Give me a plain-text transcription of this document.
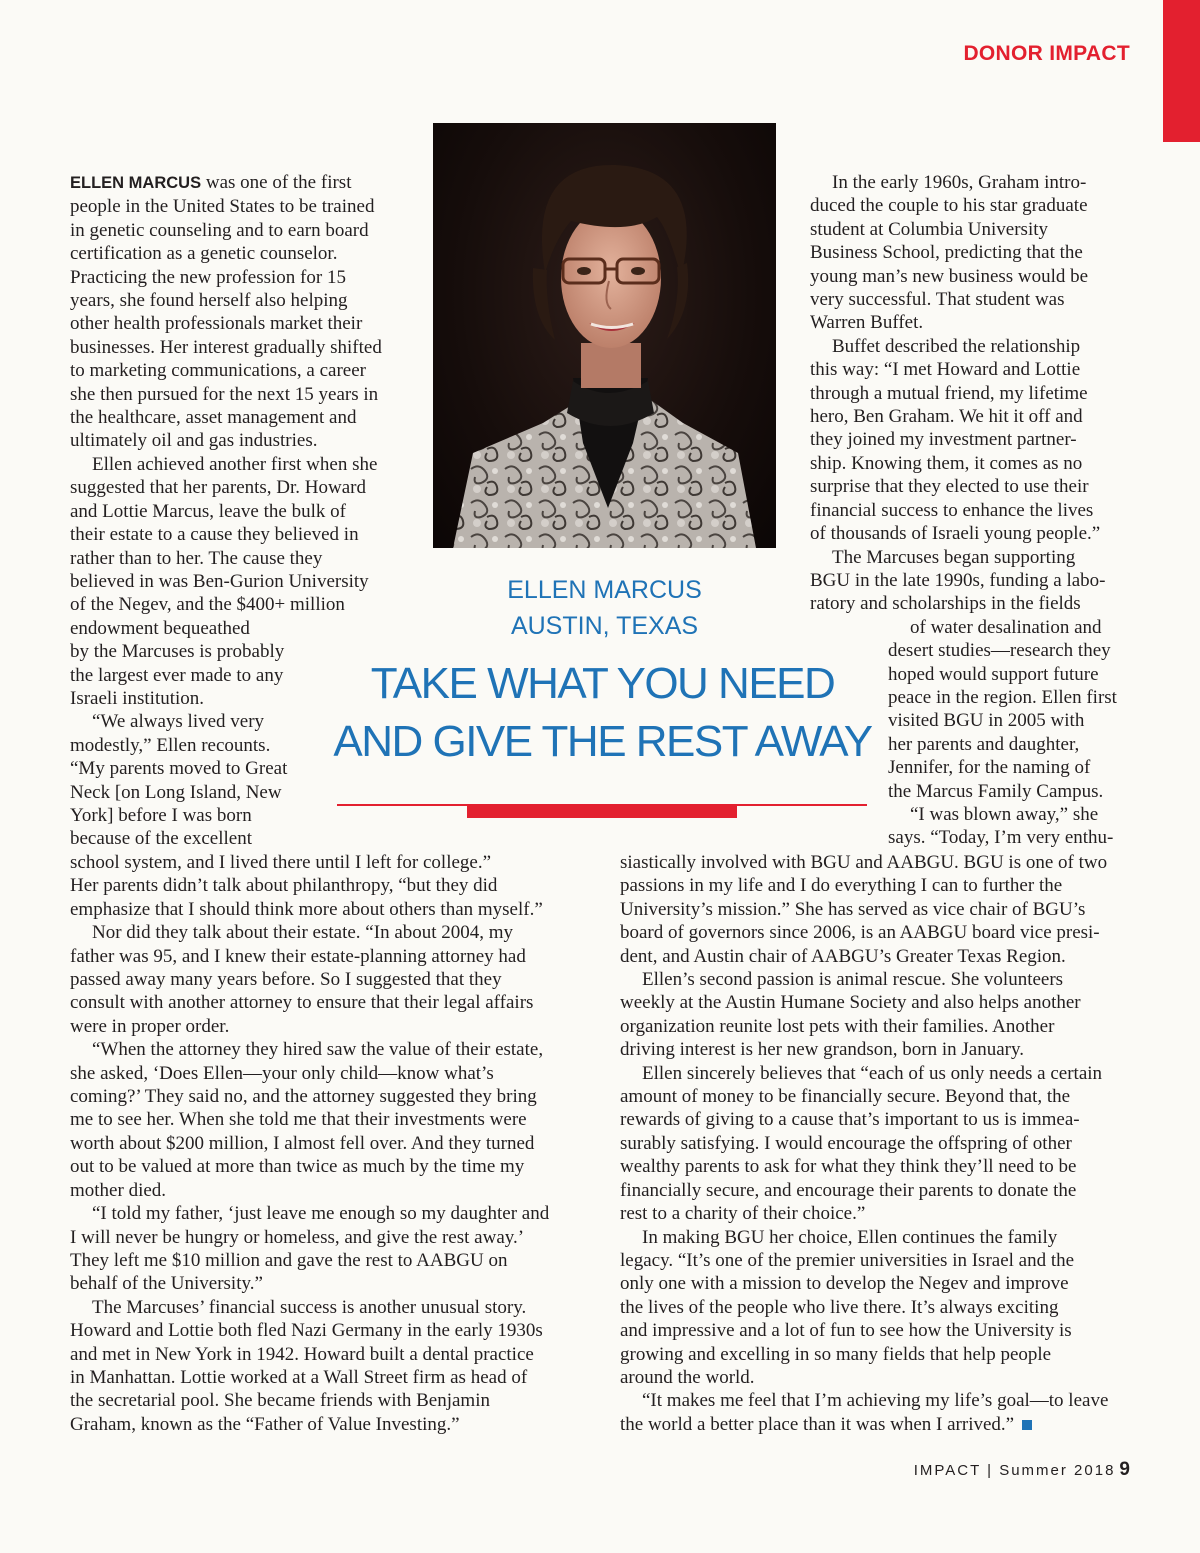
DONOR IMPACT
ELLEN MARCUS
AUSTIN, TEXAS
TAKE WHAT YOU NEED
AND GIVE THE REST AWAY

ELLEN MARCUS was one of the first
people in the United States to be trained
in genetic counseling and to earn board
certification as a genetic counselor.
Practicing the new profession for 15
years, she found herself also helping
other health professionals market their
businesses. Her interest gradually shifted
to marketing communications, a career
she then pursued for the next 15 years in
the healthcare, asset management and
ultimately oil and gas industries.

Ellen achieved another first when she
suggested that her parents, Dr. Howard
and Lottie Marcus, leave the bulk of
their estate to a cause they believed in
rather than to her. The cause they
believed in was Ben-Gurion University
of the Negev, and the $400+ million
endowment bequeathed
by the Marcuses is probably
the largest ever made to any
Israeli institution.

“We always lived very
modestly,” Ellen recounts.
“My parents moved to Great
Neck [on Long Island, New
York] before I was born
because of the excellent

In the early 1960s, Graham intro-
duced the couple to his star graduate
student at Columbia University
Business School, predicting that the
young man’s new business would be
very successful. That student was
Warren Buffet.

Buffet described the relationship
this way: “I met Howard and Lottie
through a mutual friend, my lifetime
hero, Ben Graham. We hit it off and
they joined my investment partner-
ship. Knowing them, it comes as no
surprise that they elected to use their
financial success to enhance the lives
of thousands of Israeli young people.”

The Marcuses began supporting
BGU in the late 1990s, funding a labo-
ratory and scholarships in the fields

of water desalination and
desert studies—research they
hoped would support future
peace in the region. Ellen first
visited BGU in 2005 with
her parents and daughter,
Jennifer, for the naming of
the Marcus Family Campus.

“I was blown away,” she
says. “Today, I’m very enthu-

school system, and I lived there until I left for college.”
Her parents didn’t talk about philanthropy, “but they did
emphasize that I should think more about others than myself.”

Nor did they talk about their estate. “In about 2004, my
father was 95, and I knew their estate-planning attorney had
passed away many years before. So I suggested that they
consult with another attorney to ensure that their legal affairs
were in proper order.

“When the attorney they hired saw the value of their estate,
she asked, ‘Does Ellen—your only child—know what’s
coming?’ They said no, and the attorney suggested they bring
me to see her. When she told me that their investments were
worth about $200 million, I almost fell over. And they turned
out to be valued at more than twice as much by the time my
mother died.

“I told my father, ‘just leave me enough so my daughter and
I will never be hungry or homeless, and give the rest away.’
They left me $10 million and gave the rest to AABGU on
behalf of the University.”

The Marcuses’ financial success is another unusual story.
Howard and Lottie both fled Nazi Germany in the early 1930s
and met in New York in 1942. Howard built a dental practice
in Manhattan. Lottie worked at a Wall Street firm as head of
the secretarial pool. She became friends with Benjamin
Graham, known as the “Father of Value Investing.”

siastically involved with BGU and AABGU. BGU is one of two
passions in my life and I do everything I can to further the
University’s mission.” She has served as vice chair of BGU’s
board of governors since 2006, is an AABGU board vice presi-
dent, and Austin chair of AABGU’s Greater Texas Region.

Ellen’s second passion is animal rescue. She volunteers
weekly at the Austin Humane Society and also helps another
organization reunite lost pets with their families. Another
driving interest is her new grandson, born in January.

Ellen sincerely believes that “each of us only needs a certain
amount of money to be financially secure. Beyond that, the
rewards of giving to a cause that’s important to us is immea-
surably satisfying. I would encourage the offspring of other
wealthy parents to ask for what they think they’ll need to be
financially secure, and encourage their parents to donate the
rest to a charity of their choice.”

In making BGU her choice, Ellen continues the family
legacy. “It’s one of the premier universities in Israel and the
only one with a mission to develop the Negev and improve
the lives of the people who live there. It’s always exciting
and impressive and a lot of fun to see how the University is
growing and excelling in so many fields that help people
around the world.

“It makes me feel that I’m achieving my life’s goal—to leave
the world a better place than it was when I arrived.”

IMPACT | Summer 2018 9
